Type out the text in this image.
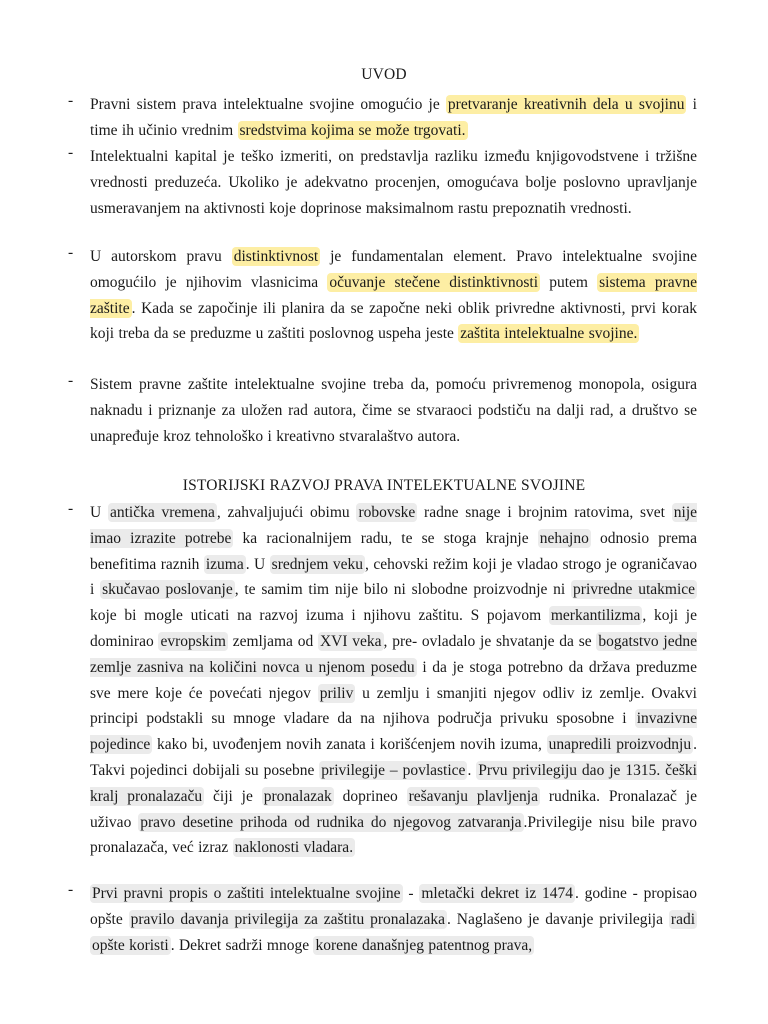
UVOD
- Pravni sistem prava intelektualne svojine omogućio je pretvaranje kreativnih dela u svojinu i time ih učinio vrednim sredstvima kojima se može trgovati.
- Intelektualni kapital je teško izmeriti, on predstavlja razliku između knjigovodstvene i tržišne vrednosti preduzeća. Ukoliko je adekvatno procenjen, omogućava bolje poslovno upravljanje usmeravanjem na aktivnosti koje doprinose maksimalnom rastu prepoznatih vrednosti.
- U autorskom pravu distinktivnost je fundamentalan element. Pravo intelektualne svojine omogućilo je njihovim vlasnicima očuvanje stečene distinktivnosti putem sistema pravne zaštite . Kada se započinje ili planira da se započne neki oblik privredne aktivnosti, prvi korak koji treba da se preduzme u zaštiti poslovnog uspeha jeste zaštita intelektualne svojine.
- Sistem pravne zaštite intelektualne svojine treba da, pomoću privremenog monopola, osigura naknadu i priznanje za uložen rad autora, čime se stvaraoci podstiču na dalji rad, a društvo se unapređuje kroz tehnološko i kreativno stvaralaštvo autora.
ISTORIJSKI RAZVOJ PRAVA INTELEKTUALNE SVOJINE
- U antička vremena , zahvaljujući obimu robovske radne snage i brojnim ratovima, svet nije imao izrazite potrebe ka racionalnijem radu, te se stoga krajnje nehajno odnosio prema benefitima raznih izuma . U srednjem veku , cehovski režim koji je vladao strogo je ograničavao i skučavao poslovanje , te samim tim nije bilo ni slobodne proizvodnje ni privredne utakmice koje bi mogle uticati na razvoj izuma i njihovu zaštitu. S pojavom merkantilizma , koji je dominirao evropskim zemljama od XVI veka , pre- ovladalo je shvatanje da se bogatstvo jedne zemlje zasniva na količini novca u njenom posedu i da je stoga potrebno da država preduzme sve mere koje će povećati njegov priliv u zemlju i smanjiti njegov odliv iz zemlje. Ovakvi principi podstakli su mnoge vladare da na njihova područja privuku sposobne i invazivne pojedince kako bi, uvođenjem novih zanata i korišćenjem novih izuma, unapredili proizvodnju . Takvi pojedinci dobijali su posebne privilegije – povlastice . Prvu privilegiju dao je 1315. češki kralj pronalazaču čiji je pronalazak doprineo rešavanju plavljenja rudnika. Pronalazač je uživao pravo desetine prihoda od rudnika do njegovog zatvaranja .Privilegije nisu bile pravo pronalazača, već izraz naklonosti vladara.
- Prvi pravni propis o zaštiti intelektualne svojine - mletački dekret iz 1474 . godine - propisao opšte pravilo davanja privilegija za zaštitu pronalazaka . Naglašeno je davanje privilegija radi opšte koristi . Dekret sadrži mnoge korene današnjeg patentnog prava,
